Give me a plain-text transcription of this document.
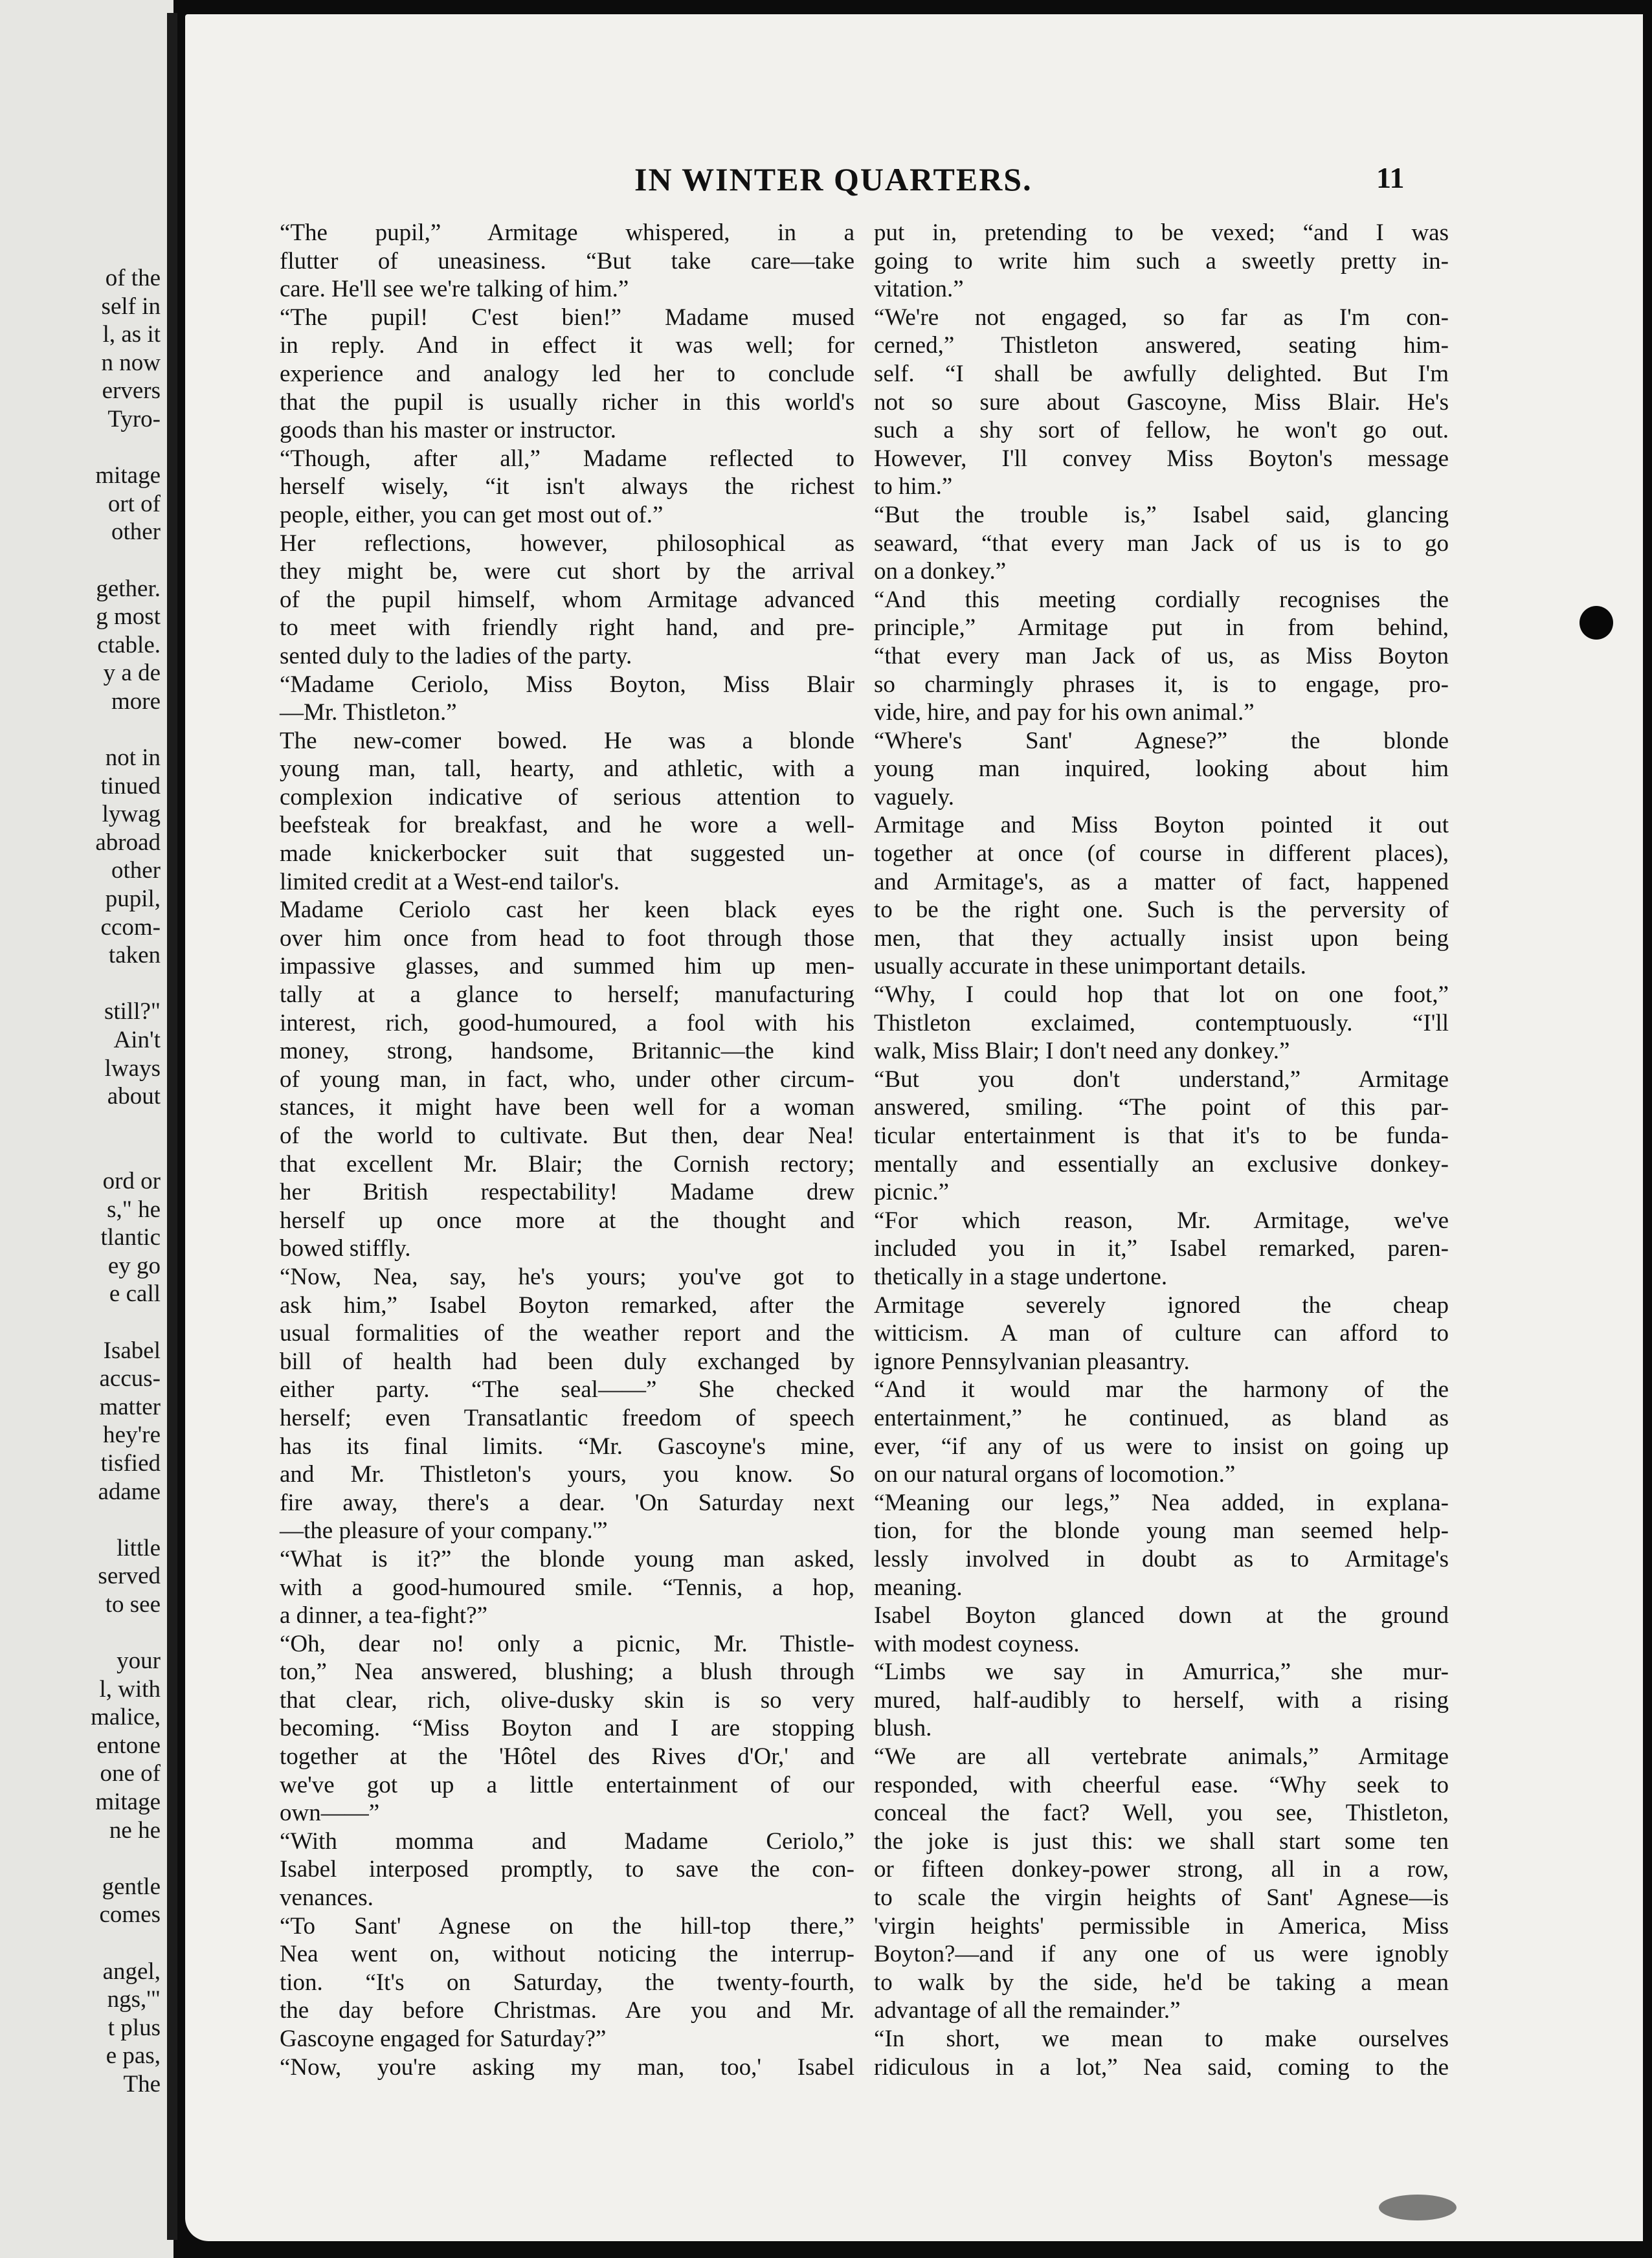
of the
self in
l, as it
n now
ervers
Tyro-
mitage
ort of
other
gether.
g most
ctable.
y a de
more
not in
tinued
lywag
abroad
other
pupil,
ccom-
taken
still?"
Ain't
lways
about
ord or
s," he
tlantic
ey go
e call
Isabel
accus-
matter
hey're
tisfied
adame
little
served
to see
your
l, with
malice,
entone
one of
mitage
ne he
gentle
comes
angel,
ngs,'"
t plus
e pas,
The
IN WINTER QUARTERS.	11
“The pupil,” Armitage whispered, in a
flutter of uneasiness. “But take care—take
care. He'll see we're talking of him.”
“The pupil! C'est bien!” Madame mused
in reply. And in effect it was well; for
experience and analogy led her to conclude
that the pupil is usually richer in this world's
goods than his master or instructor.
“Though, after all,” Madame reflected to
herself wisely, “it isn't always the richest
people, either, you can get most out of.”
Her reflections, however, philosophical as
they might be, were cut short by the arrival
of the pupil himself, whom Armitage advanced
to meet with friendly right hand, and pre-
sented duly to the ladies of the party.
“Madame Ceriolo, Miss Boyton, Miss Blair
—Mr. Thistleton.”
The new-comer bowed. He was a blonde
young man, tall, hearty, and athletic, with a
complexion indicative of serious attention to
beefsteak for breakfast, and he wore a well-
made knickerbocker suit that suggested un-
limited credit at a West-end tailor's.
Madame Ceriolo cast her keen black eyes
over him once from head to foot through those
impassive glasses, and summed him up men-
tally at a glance to herself; manufacturing
interest, rich, good-humoured, a fool with his
money, strong, handsome, Britannic—the kind
of young man, in fact, who, under other circum-
stances, it might have been well for a woman
of the world to cultivate. But then, dear Nea!
that excellent Mr. Blair; the Cornish rectory;
her British respectability! Madame drew
herself up once more at the thought and
bowed stiffly.
“Now, Nea, say, he's yours; you've got to
ask him,” Isabel Boyton remarked, after the
usual formalities of the weather report and the
bill of health had been duly exchanged by
either party. “The seal——” She checked
herself; even Transatlantic freedom of speech
has its final limits. “Mr. Gascoyne's mine,
and Mr. Thistleton's yours, you know. So
fire away, there's a dear. 'On Saturday next
—the pleasure of your company.'”
“What is it?” the blonde young man asked,
with a good-humoured smile. “Tennis, a hop,
a dinner, a tea-fight?”
“Oh, dear no! only a picnic, Mr. Thistle-
ton,” Nea answered, blushing; a blush through
that clear, rich, olive-dusky skin is so very
becoming. “Miss Boyton and I are stopping
together at the 'Hôtel des Rives d'Or,' and
we've got up a little entertainment of our
own——”
“With momma and Madame Ceriolo,”
Isabel interposed promptly, to save the con-
venances.
“To Sant' Agnese on the hill-top there,”
Nea went on, without noticing the interrup-
tion. “It's on Saturday, the twenty-fourth,
the day before Christmas. Are you and Mr.
Gascoyne engaged for Saturday?”
“Now, you're asking my man, too,' Isabel
put in, pretending to be vexed; “and I was
going to write him such a sweetly pretty in-
vitation.”
“We're not engaged, so far as I'm con-
cerned,” Thistleton answered, seating him-
self. “I shall be awfully delighted. But I'm
not so sure about Gascoyne, Miss Blair. He's
such a shy sort of fellow, he won't go out.
However, I'll convey Miss Boyton's message
to him.”
“But the trouble is,” Isabel said, glancing
seaward, “that every man Jack of us is to go
on a donkey.”
“And this meeting cordially recognises the
principle,” Armitage put in from behind,
“that every man Jack of us, as Miss Boyton
so charmingly phrases it, is to engage, pro-
vide, hire, and pay for his own animal.”
“Where's Sant' Agnese?” the blonde
young man inquired, looking about him
vaguely.
Armitage and Miss Boyton pointed it out
together at once (of course in different places),
and Armitage's, as a matter of fact, happened
to be the right one. Such is the perversity of
men, that they actually insist upon being
usually accurate in these unimportant details.
“Why, I could hop that lot on one foot,”
Thistleton exclaimed, contemptuously. “I'll
walk, Miss Blair; I don't need any donkey.”
“But you don't understand,” Armitage
answered, smiling. “The point of this par-
ticular entertainment is that it's to be funda-
mentally and essentially an exclusive donkey-
picnic.”
“For which reason, Mr. Armitage, we've
included you in it,” Isabel remarked, paren-
thetically in a stage undertone.
Armitage severely ignored the cheap
witticism. A man of culture can afford to
ignore Pennsylvanian pleasantry.
“And it would mar the harmony of the
entertainment,” he continued, as bland as
ever, “if any of us were to insist on going up
on our natural organs of locomotion.”
“Meaning our legs,” Nea added, in explana-
tion, for the blonde young man seemed help-
lessly involved in doubt as to Armitage's
meaning.
Isabel Boyton glanced down at the ground
with modest coyness.
“Limbs we say in Amurrica,” she mur-
mured, half-audibly to herself, with a rising
blush.
“We are all vertebrate animals,” Armitage
responded, with cheerful ease. “Why seek to
conceal the fact? Well, you see, Thistleton,
the joke is just this: we shall start some ten
or fifteen donkey-power strong, all in a row,
to scale the virgin heights of Sant' Agnese—is
'virgin heights' permissible in America, Miss
Boyton?—and if any one of us were ignobly
to walk by the side, he'd be taking a mean
advantage of all the remainder.”
“In short, we mean to make ourselves
ridiculous in a lot,” Nea said, coming to the
